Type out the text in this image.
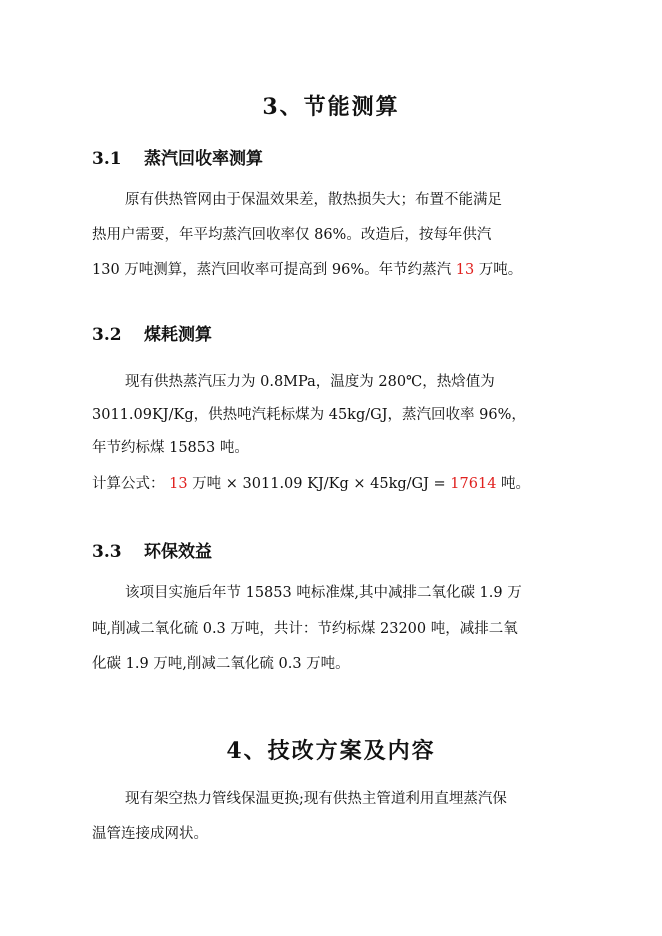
3、节能测算
3.1 蒸汽回收率测算
原有供热管网由于保温效果差，散热损失大；布置不能满足
热用户需要，年平均蒸汽回收率仅 86%。改造后，按每年供汽
130 万吨测算，蒸汽回收率可提高到 96%。年节约蒸汽 13 万吨。
3.2 煤耗测算
现有供热蒸汽压力为 0.8MPa，温度为 280℃，热焓值为
3011.09KJ/Kg，供热吨汽耗标煤为 45kg/GJ，蒸汽回收率 96%，
年节约标煤 15853 吨。
计算公式： 13 万吨 × 3011.09 KJ/Kg × 45kg/GJ = 17614 吨。
3.3 环保效益
该项目实施后年节 15853 吨标准煤,其中减排二氧化碳 1.9 万
吨,削减二氧化硫 0.3 万吨，共计：节约标煤 23200 吨，减排二氧
化碳 1.9 万吨,削减二氧化硫 0.3 万吨。
4、技改方案及内容
现有架空热力管线保温更换;现有供热主管道利用直埋蒸汽保
温管连接成网状。
